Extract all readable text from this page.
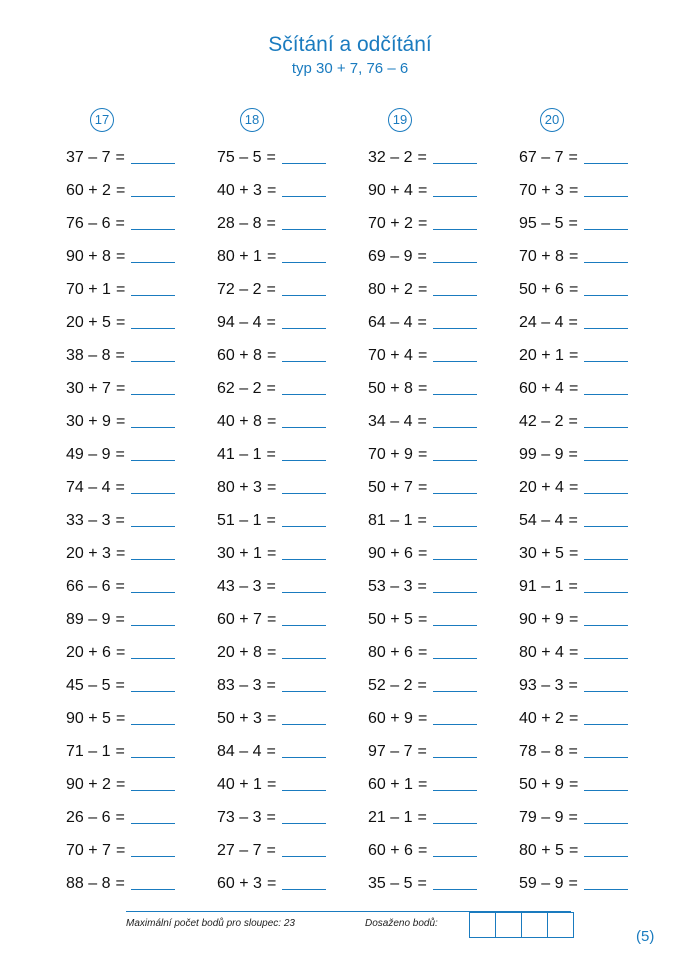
Sčítání a odčítání
typ 30 + 7, 76 – 6
17
37 – 7 =
60 + 2 =
76 – 6 =
90 + 8 =
70 + 1 =
20 + 5 =
38 – 8 =
30 + 7 =
30 + 9 =
49 – 9 =
74 – 4 =
33 – 3 =
20 + 3 =
66 – 6 =
89 – 9 =
20 + 6 =
45 – 5 =
90 + 5 =
71 – 1 =
90 + 2 =
26 – 6 =
70 + 7 =
88 – 8 =
18
75 – 5 =
40 + 3 =
28 – 8 =
80 + 1 =
72 – 2 =
94 – 4 =
60 + 8 =
62 – 2 =
40 + 8 =
41 – 1 =
80 + 3 =
51 – 1 =
30 + 1 =
43 – 3 =
60 + 7 =
20 + 8 =
83 – 3 =
50 + 3 =
84 – 4 =
40 + 1 =
73 – 3 =
27 – 7 =
60 + 3 =
19
32 – 2 =
90 + 4 =
70 + 2 =
69 – 9 =
80 + 2 =
64 – 4 =
70 + 4 =
50 + 8 =
34 – 4 =
70 + 9 =
50 + 7 =
81 – 1 =
90 + 6 =
53 – 3 =
50 + 5 =
80 + 6 =
52 – 2 =
60 + 9 =
97 – 7 =
60 + 1 =
21 – 1 =
60 + 6 =
35 – 5 =
20
67 – 7 =
70 + 3 =
95 – 5 =
70 + 8 =
50 + 6 =
24 – 4 =
20 + 1 =
60 + 4 =
42 – 2 =
99 – 9 =
20 + 4 =
54 – 4 =
30 + 5 =
91 – 1 =
90 + 9 =
80 + 4 =
93 – 3 =
40 + 2 =
78 – 8 =
50 + 9 =
79 – 9 =
80 + 5 =
59 – 9 =
Maximální počet bodů pro sloupec: 23	Dosaženo bodů:
(5)
